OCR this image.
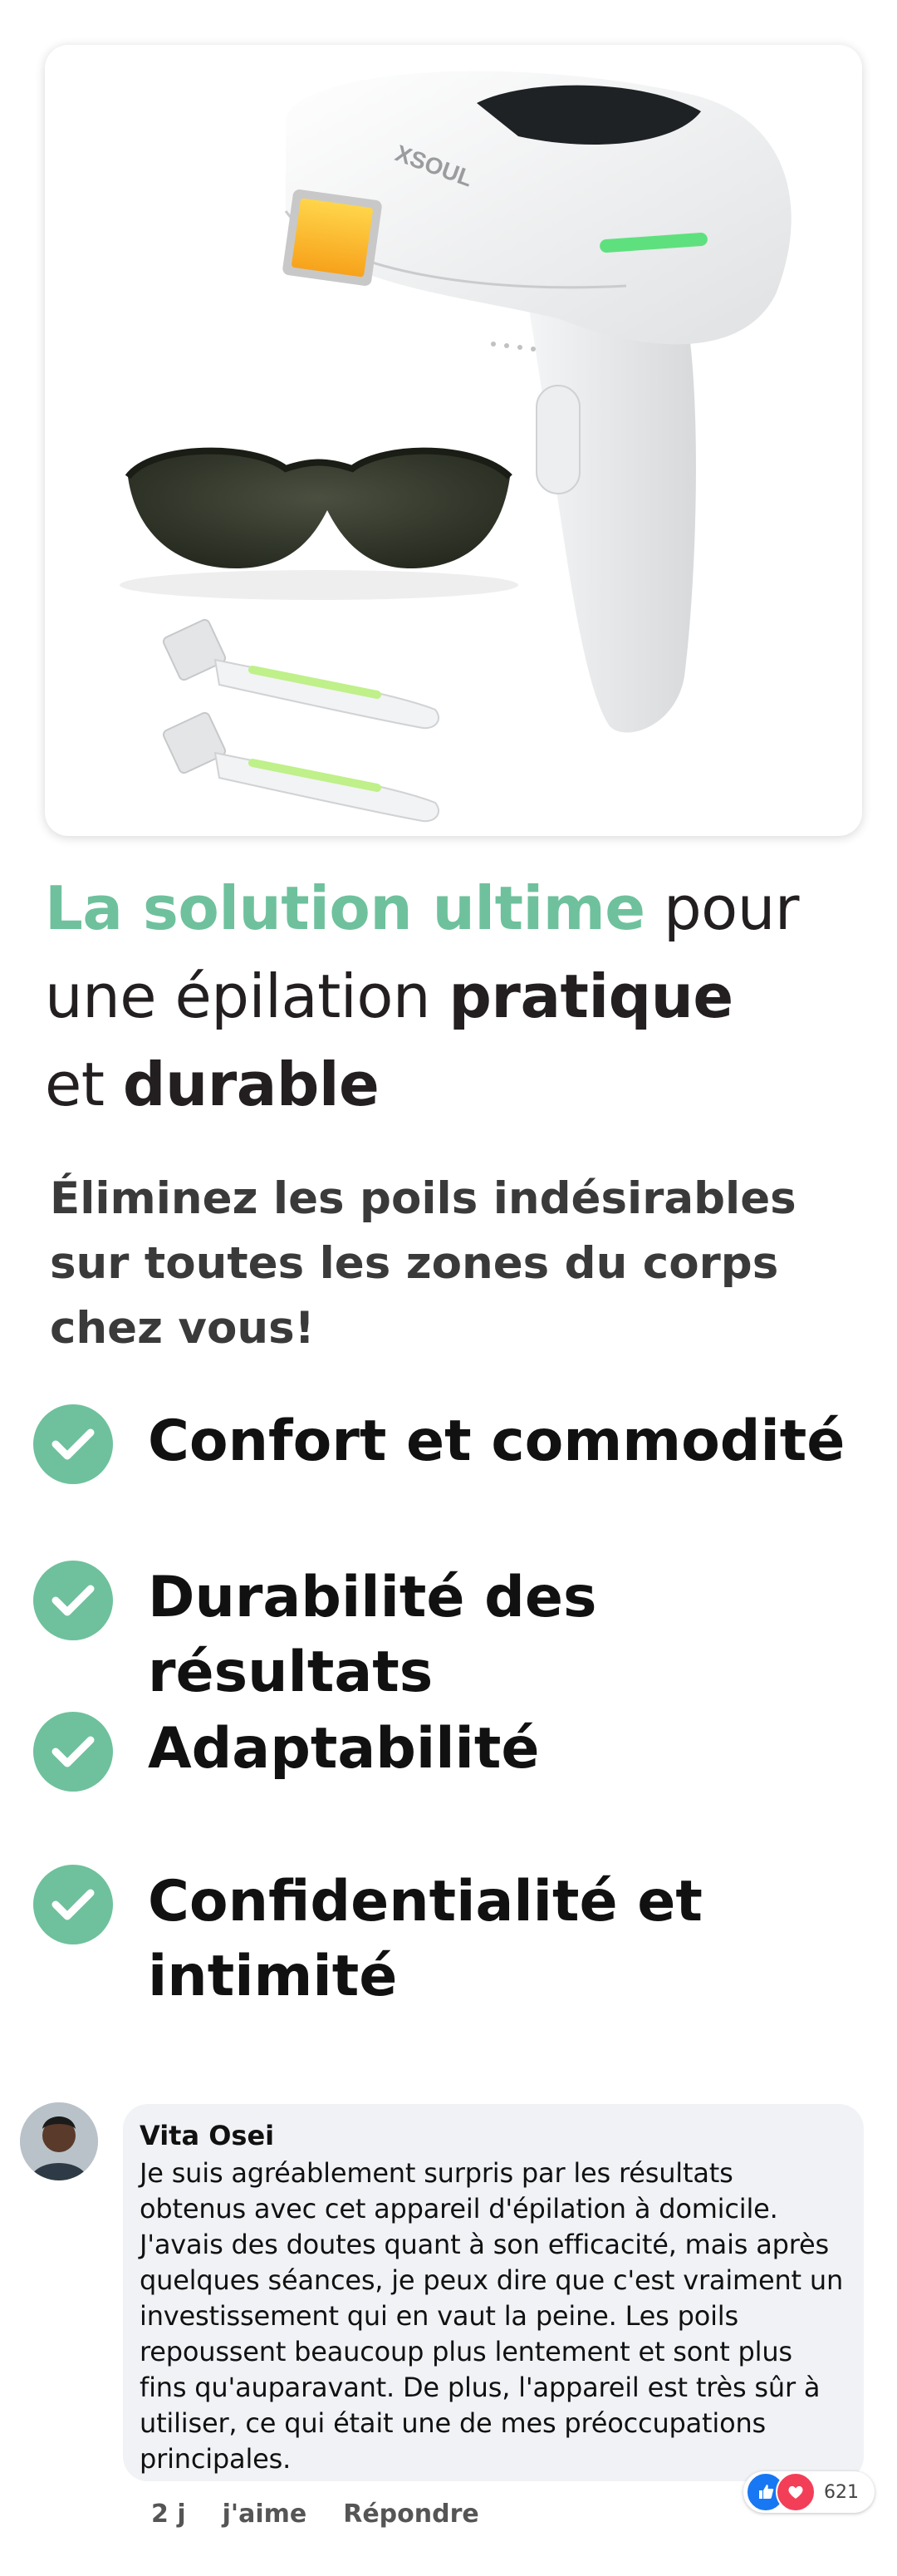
XSOUL
La solution ultime pour
une épilation pratique
et durable

Éliminez les poils indésirables sur toutes les zones du corps chez vous!

Confort et commodité
Durabilité des résultats
Adaptabilité
Confidentialité et intimité
Vita Osei

Je suis agréablement surpris par les résultats obtenus avec cet appareil d'épilation à domicile. J'avais des doutes quant à son efficacité, mais après quelques séances, je peux dire que c'est vraiment un investissement qui en vaut la peine. Les poils repoussent beaucoup plus lentement et sont plus fins qu'auparavant. De plus, l'appareil est très sûr à utiliser, ce qui était une de mes préoccupations principales.

621
2 j j'aime Répondre
